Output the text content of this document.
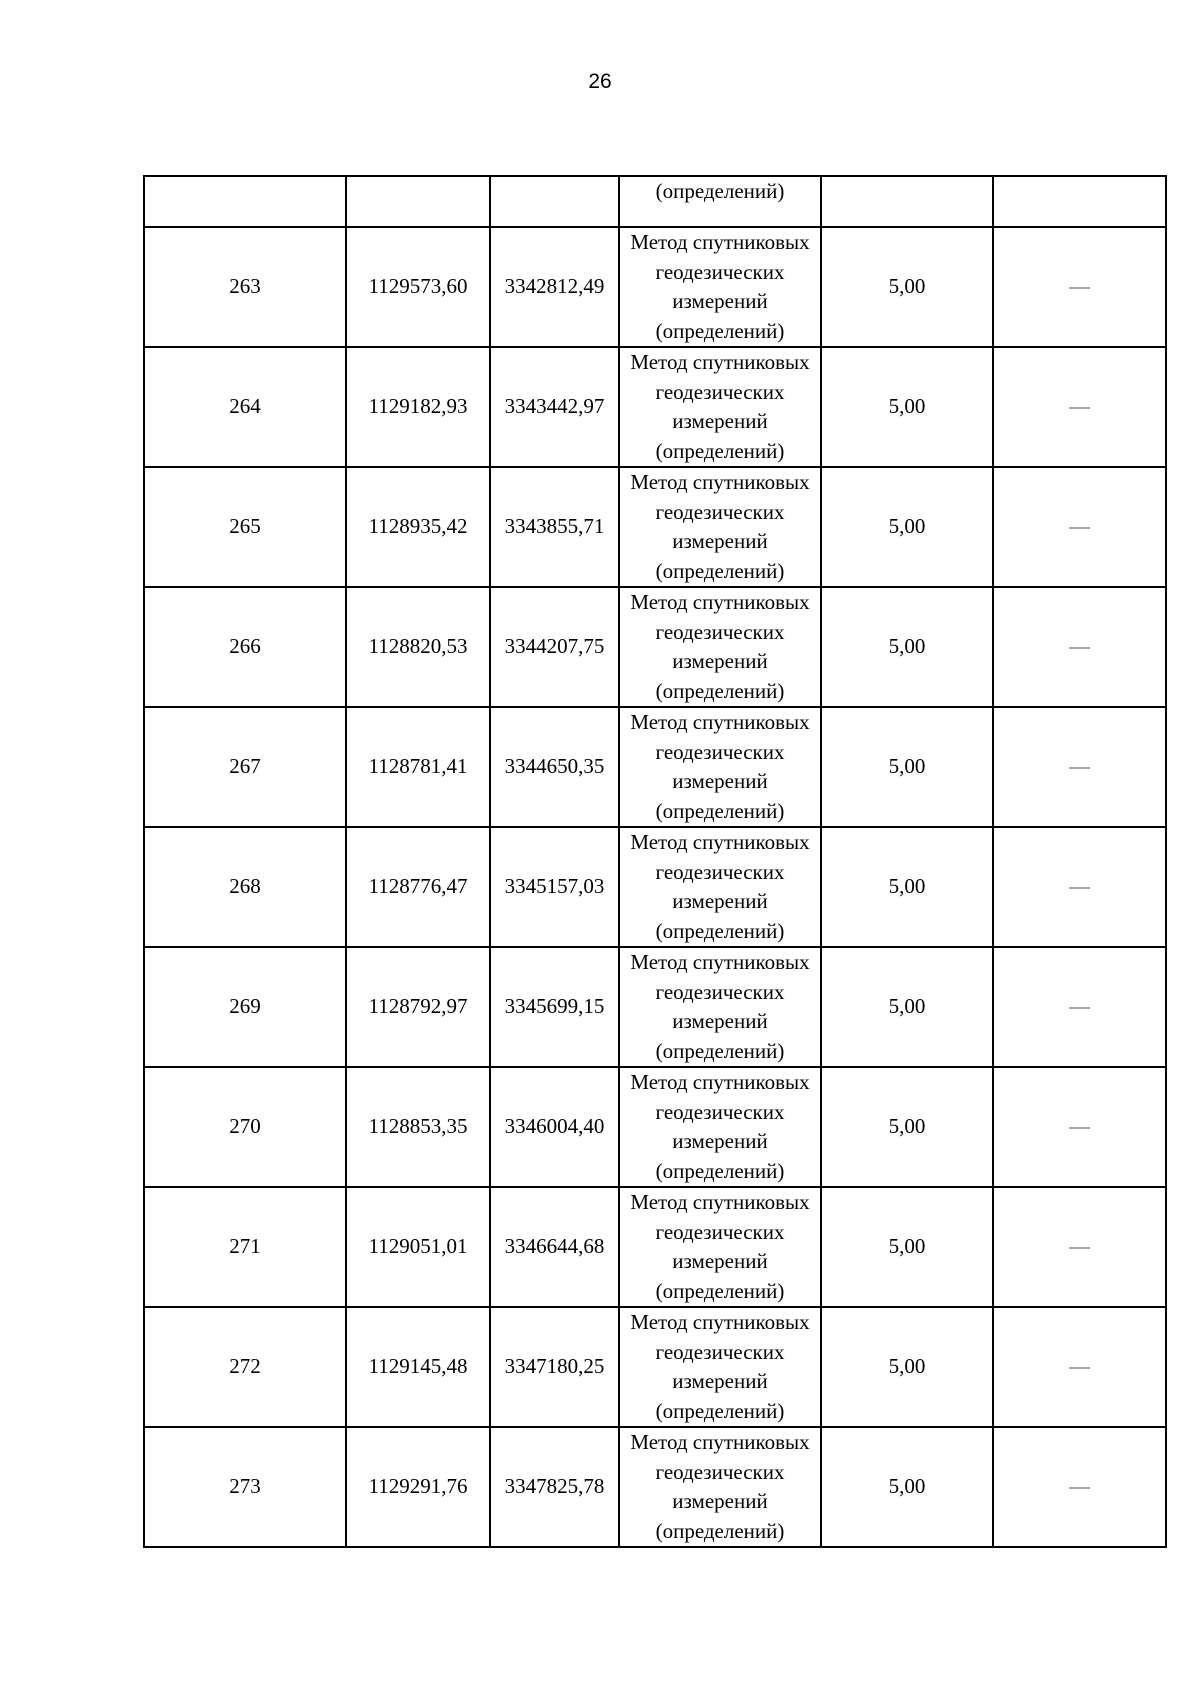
26
			(определений)		
263	1129573,60	3342812,49	Метод спутниковых
геодезических
измерений
(определений)	5,00	—
264	1129182,93	3343442,97	Метод спутниковых
геодезических
измерений
(определений)	5,00	—
265	1128935,42	3343855,71	Метод спутниковых
геодезических
измерений
(определений)	5,00	—
266	1128820,53	3344207,75	Метод спутниковых
геодезических
измерений
(определений)	5,00	—
267	1128781,41	3344650,35	Метод спутниковых
геодезических
измерений
(определений)	5,00	—
268	1128776,47	3345157,03	Метод спутниковых
геодезических
измерений
(определений)	5,00	—
269	1128792,97	3345699,15	Метод спутниковых
геодезических
измерений
(определений)	5,00	—
270	1128853,35	3346004,40	Метод спутниковых
геодезических
измерений
(определений)	5,00	—
271	1129051,01	3346644,68	Метод спутниковых
геодезических
измерений
(определений)	5,00	—
272	1129145,48	3347180,25	Метод спутниковых
геодезических
измерений
(определений)	5,00	—
273	1129291,76	3347825,78	Метод спутниковых
геодезических
измерений
(определений)	5,00	—
